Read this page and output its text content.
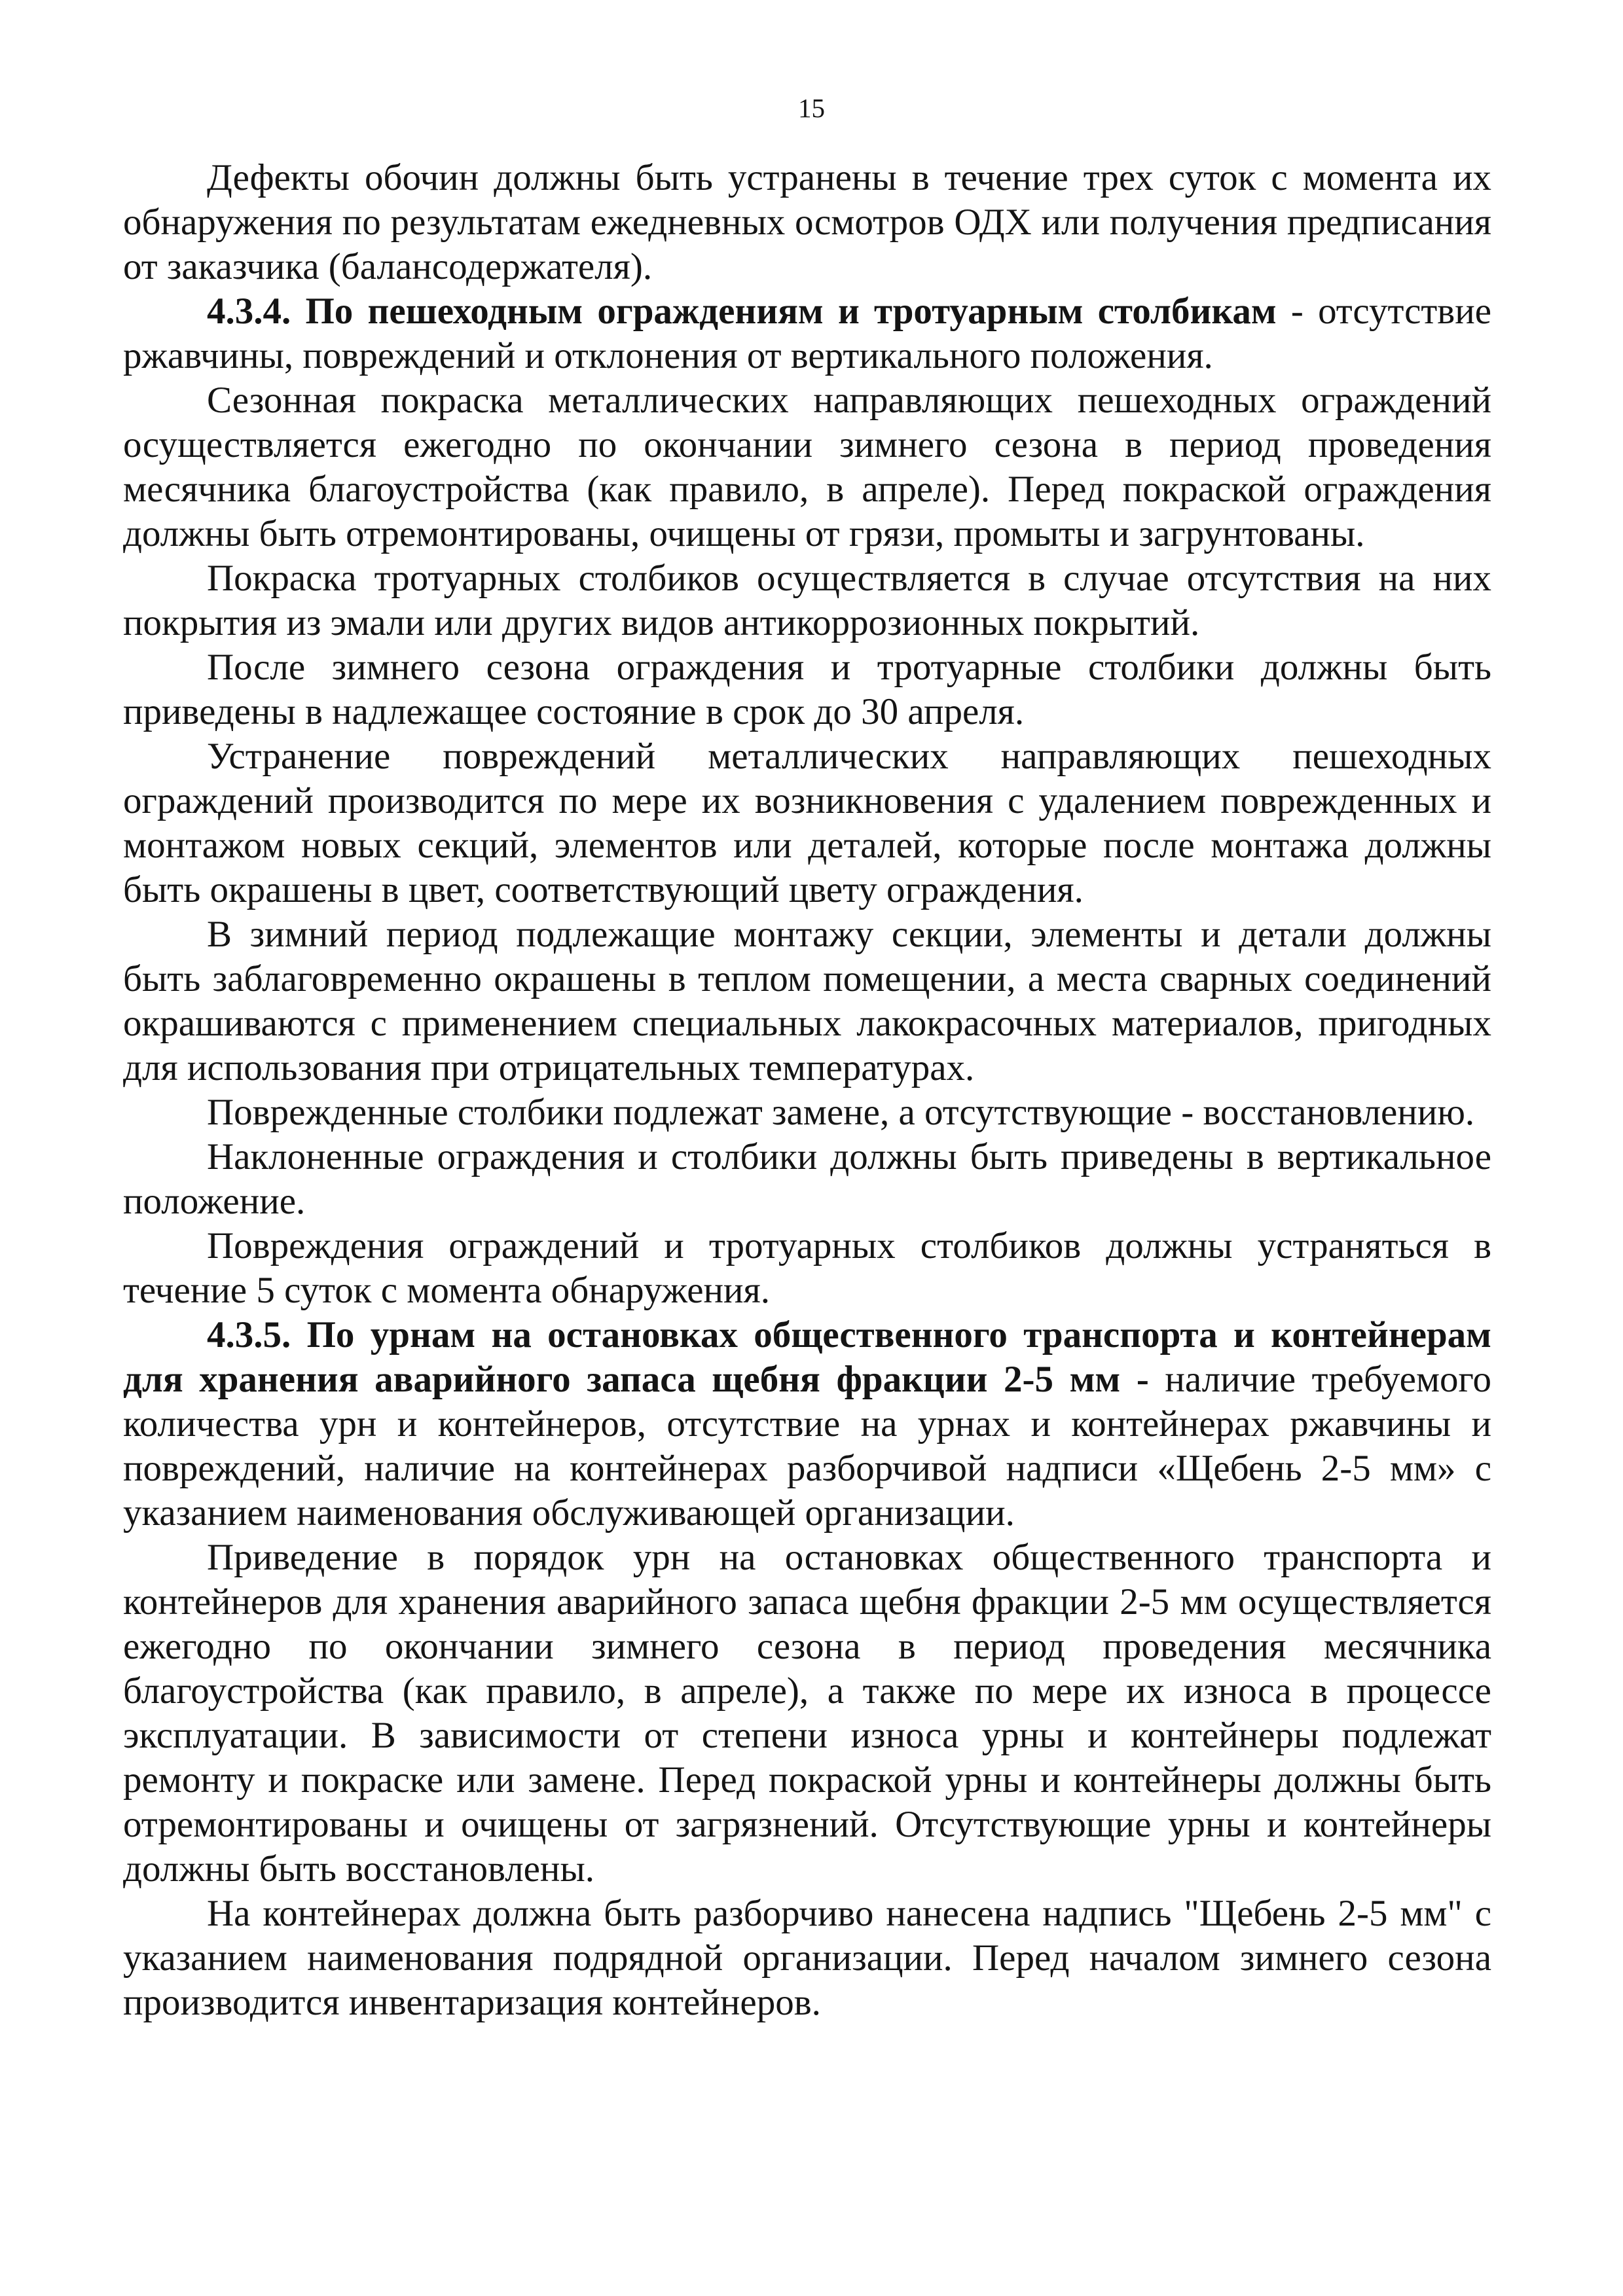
15

Дефекты обочин должны быть устранены в течение трех суток с момента их обнаружения по результатам ежедневных осмотров ОДХ или получения предписания от заказчика (балансодержателя).

4.3.4. По пешеходным ограждениям и тротуарным столбикам - отсутствие ржавчины, повреждений и отклонения от вертикального положения.

Сезонная покраска металлических направляющих пешеходных ограждений осуществляется ежегодно по окончании зимнего сезона в период проведения месячника благоустройства (как правило, в апреле). Перед покраской ограждения должны быть отремонтированы, очищены от грязи, промыты и загрунтованы.

Покраска тротуарных столбиков осуществляется в случае отсутствия на них покрытия из эмали или других видов антикоррозионных покрытий.

После зимнего сезона ограждения и тротуарные столбики должны быть приведены в надлежащее состояние в срок до 30 апреля.

Устранение повреждений металлических направляющих пешеходных ограждений производится по мере их возникновения с удалением поврежденных и монтажом новых секций, элементов или деталей, которые после монтажа должны быть окрашены в цвет, соответствующий цвету ограждения.

В зимний период подлежащие монтажу секции, элементы и детали должны быть заблаговременно окрашены в теплом помещении, а места сварных соединений окрашиваются с применением специальных лакокрасочных материалов, пригодных для использования при отрицательных температурах.

Поврежденные столбики подлежат замене, а отсутствующие - восстановлению.

Наклоненные ограждения и столбики должны быть приведены в вертикальное положение.

Повреждения ограждений и тротуарных столбиков должны устраняться в течение 5 суток с момента обнаружения.

4.3.5. По урнам на остановках общественного транспорта и контейнерам для хранения аварийного запаса щебня фракции 2-5 мм - наличие требуемого количества урн и контейнеров, отсутствие на урнах и контейнерах ржавчины и повреждений, наличие на контейнерах разборчивой надписи «Щебень 2-5 мм» с указанием наименования обслуживающей организации.

Приведение в порядок урн на остановках общественного транспорта и контейнеров для хранения аварийного запаса щебня фракции 2-5 мм осуществляется ежегодно по окончании зимнего сезона в период проведения месячника благоустройства (как правило, в апреле), а также по мере их износа в процессе эксплуатации. В зависимости от степени износа урны и контейнеры подлежат ремонту и покраске или замене. Перед покраской урны и контейнеры должны быть отремонтированы и очищены от загрязнений. Отсутствующие урны и контейнеры должны быть восстановлены.

На контейнерах должна быть разборчиво нанесена надпись "Щебень 2-5 мм" с указанием наименования подрядной организации. Перед началом зимнего сезона производится инвентаризация контейнеров.
